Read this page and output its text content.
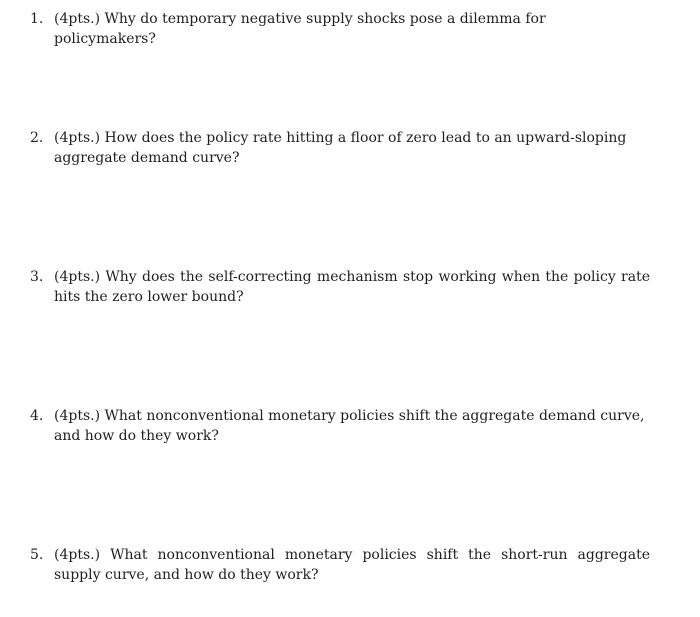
1. (4pts.) Why do temporary negative supply shocks pose a dilemma for policymakers?
2. (4pts.) How does the policy rate hitting a floor of zero lead to an upward-sloping aggregate demand curve?
3. (4pts.) Why does the self-correcting mechanism stop working when the policy rate hits the zero lower bound?
4. (4pts.) What nonconventional monetary policies shift the aggregate demand curve, and how do they work?
5. (4pts.) What nonconventional monetary policies shift the short-run aggregate supply curve, and how do they work?
